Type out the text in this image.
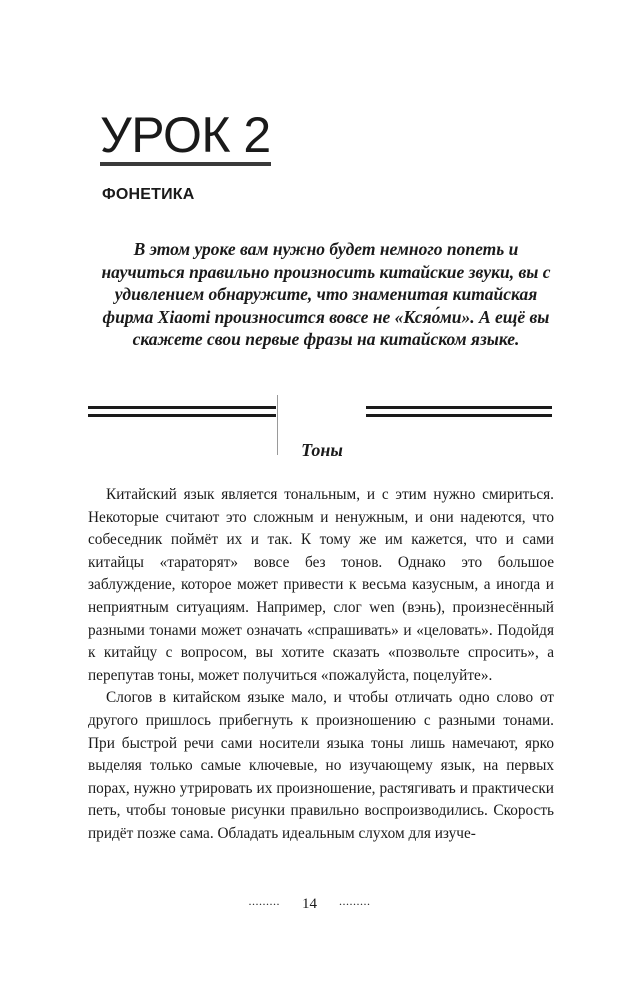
УРОК 2
ФОНЕТИКА

В этом уроке вам нужно будет немного попеть и научиться правильно произносить китайские звуки, вы с удивлением обнаружите, что знаменитая китайская фирма Xiaomi произносится вовсе не «Ксяо́ми». А ещё вы скажете свои первые фразы на китайском языке.

Тоны

Китайский язык является тональным, и с этим нужно смириться. Некоторые считают это сложным и ненужным, и они надеются, что собеседник поймёт их и так. К тому же им кажется, что и сами китайцы «тараторят» вовсе без тонов. Однако это большое заблуждение, которое может привести к весьма казусным, а иногда и неприятным ситуациям. Например, слог wen (вэнь), произнесённый разными тонами может означать «спрашивать» и «целовать». Подойдя к китайцу с вопросом, вы хотите сказать «позвольте спросить», а перепутав тоны, может получиться «пожалуйста, поцелуйте».

Слогов в китайском языке мало, и чтобы отличать одно слово от другого пришлось прибегнуть к произношению с разными тонами. При быстрой речи сами носители языка тоны лишь намечают, ярко выделяя только самые ключевые, но изучающему язык, на первых порах, нужно утрировать их произношение, растягивать и практически петь, чтобы тоновые рисунки правильно воспроизводились. Скорость придёт позже сама. Обладать идеальным слухом для изуче-

......... 14 .........
